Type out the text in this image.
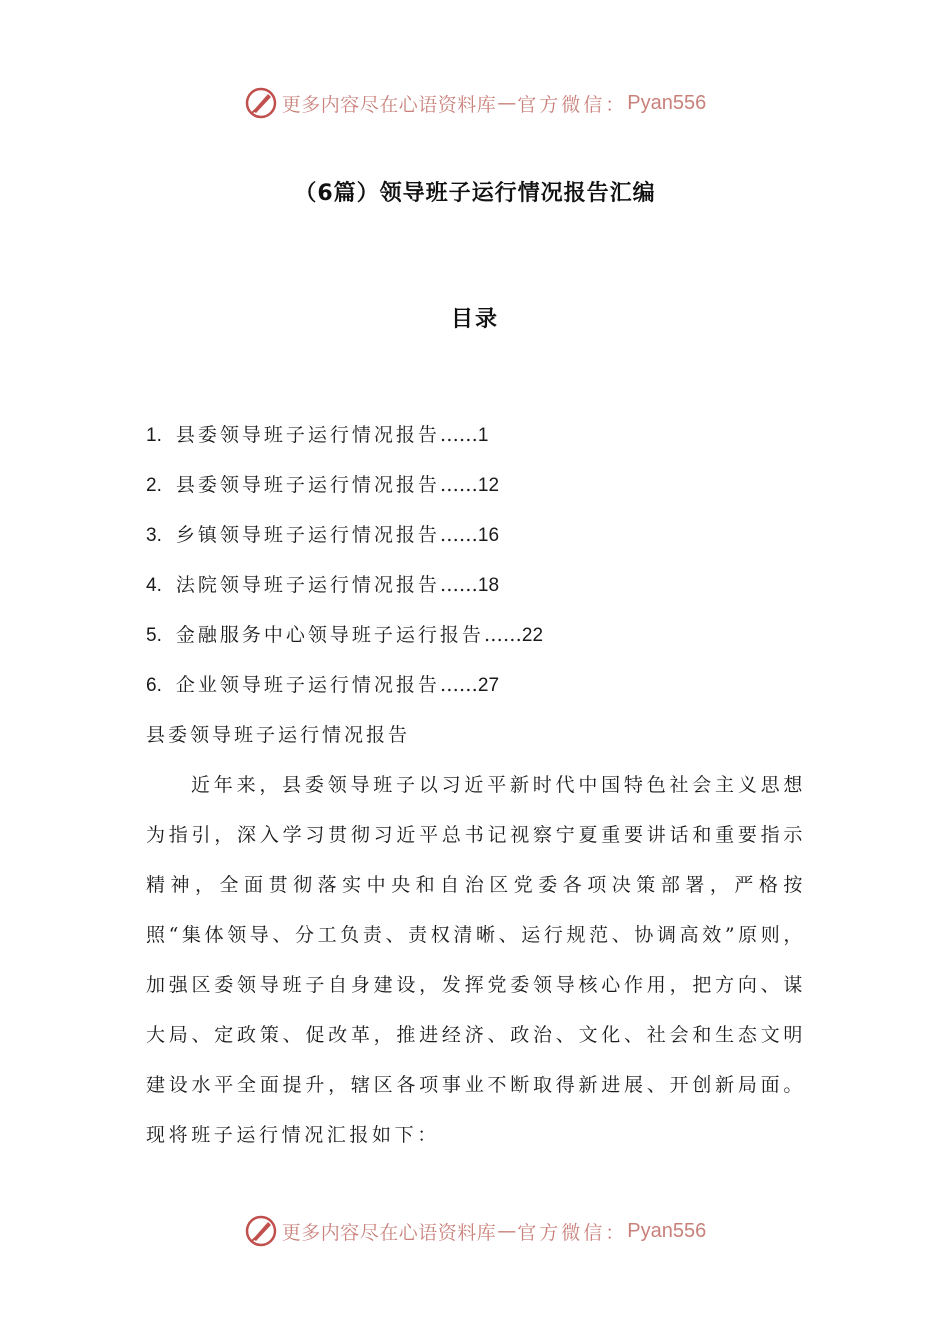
更多内容尽在心语资料库 — 官方微信： Pyan556
（6篇）领导班子运行情况报告汇编
目录
1. 县委领导班子运行情况报告……1
2. 县委领导班子运行情况报告……12
3. 乡镇领导班子运行情况报告……16
4. 法院领导班子运行情况报告……18
5. 金融服务中心领导班子运行报告……22
6. 企业领导班子运行情况报告……27
县委领导班子运行情况报告

近年来，县委领导班子以习近平新时代中国特色社会主义思想为指引，深入学习贯彻习近平总书记视察宁夏重要讲话和重要指示精神，全面贯彻落实中央和自治区党委各项决策部署，严格按照“集体领导、分工负责、责权清晰、运行规范、协调高效”原则，加强区委领导班子自身建设，发挥党委领导核心作用，把方向、谋大局、定政策、促改革，推进经济、政治、文化、社会和生态文明建设水平全面提升，辖区各项事业不断取得新进展、开创新局面。现将班子运行情况汇报如下：

更多内容尽在心语资料库 — 官方微信： Pyan556
